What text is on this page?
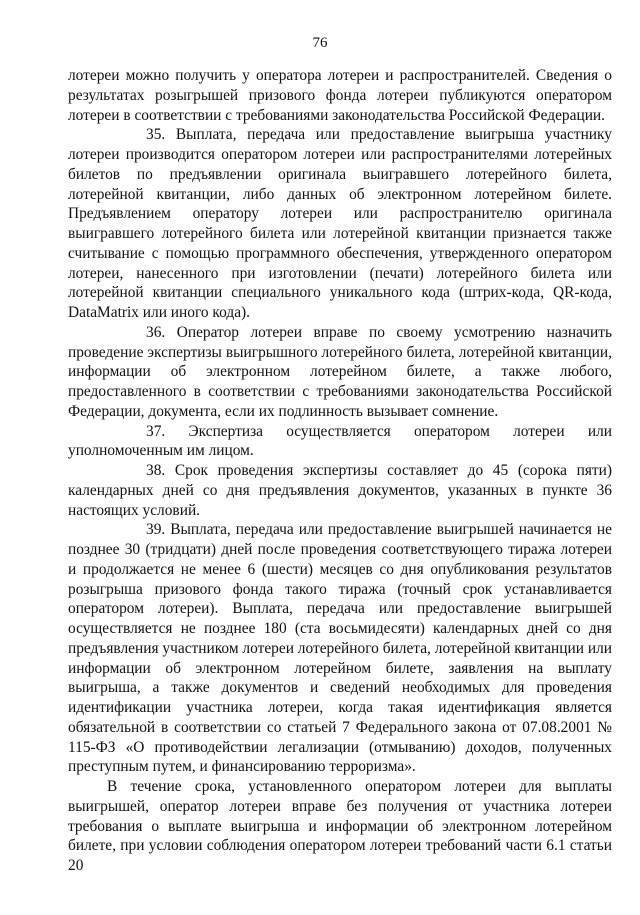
76

лотереи можно получить у оператора лотереи и распространителей. Сведения о результатах розыгрышей призового фонда лотереи публикуются оператором лотереи в соответствии с требованиями законодательства Российской Федерации.

35. Выплата, передача или предоставление выигрыша участнику лотереи производится оператором лотереи или распространителями лотерейных билетов по предъявлении оригинала выигравшего лотерейного билета, лотерейной квитанции, либо данных об электронном лотерейном билете. Предъявлением оператору лотереи или распространителю оригинала выигравшего лотерейного билета или лотерейной квитанции признается также считывание с помощью программного обеспечения, утвержденного оператором лотереи, нанесенного при изготовлении (печати) лотерейного билета или лотерейной квитанции специального уникального кода (штрих-кода, QR-кода, DataMatrix или иного кода).

36. Оператор лотереи вправе по своему усмотрению назначить проведение экспертизы выигрышного лотерейного билета, лотерейной квитанции, информации об электронном лотерейном билете, а также любого, предоставленного в соответствии с требованиями законодательства Российской Федерации, документа, если их подлинность вызывает сомнение.

37. Экспертиза осуществляется оператором лотереи или уполномоченным им лицом.

38. Срок проведения экспертизы составляет до 45 (сорока пяти) календарных дней со дня предъявления документов, указанных в пункте 36 настоящих условий.

39. Выплата, передача или предоставление выигрышей начинается не позднее 30 (тридцати) дней после проведения соответствующего тиража лотереи и продолжается не менее 6 (шести) месяцев со дня опубликования результатов розыгрыша призового фонда такого тиража (точный срок устанавливается оператором лотереи). Выплата, передача или предоставление выигрышей осуществляется не позднее 180 (ста восьмидесяти) календарных дней со дня предъявления участником лотереи лотерейного билета, лотерейной квитанции или информации об электронном лотерейном билете, заявления на выплату выигрыша, а также документов и сведений необходимых для проведения идентификации участника лотереи, когда такая идентификация является обязательной в соответствии со статьей 7 Федерального закона от 07.08.2001 № 115-ФЗ «О противодействии легализации (отмыванию) доходов, полученных преступным путем, и финансированию терроризма».

В течение срока, установленного оператором лотереи для выплаты выигрышей, оператор лотереи вправе без получения от участника лотереи требования о выплате выигрыша и информации об электронном лотерейном билете, при условии соблюдения оператором лотереи требований части 6.1 статьи 20
